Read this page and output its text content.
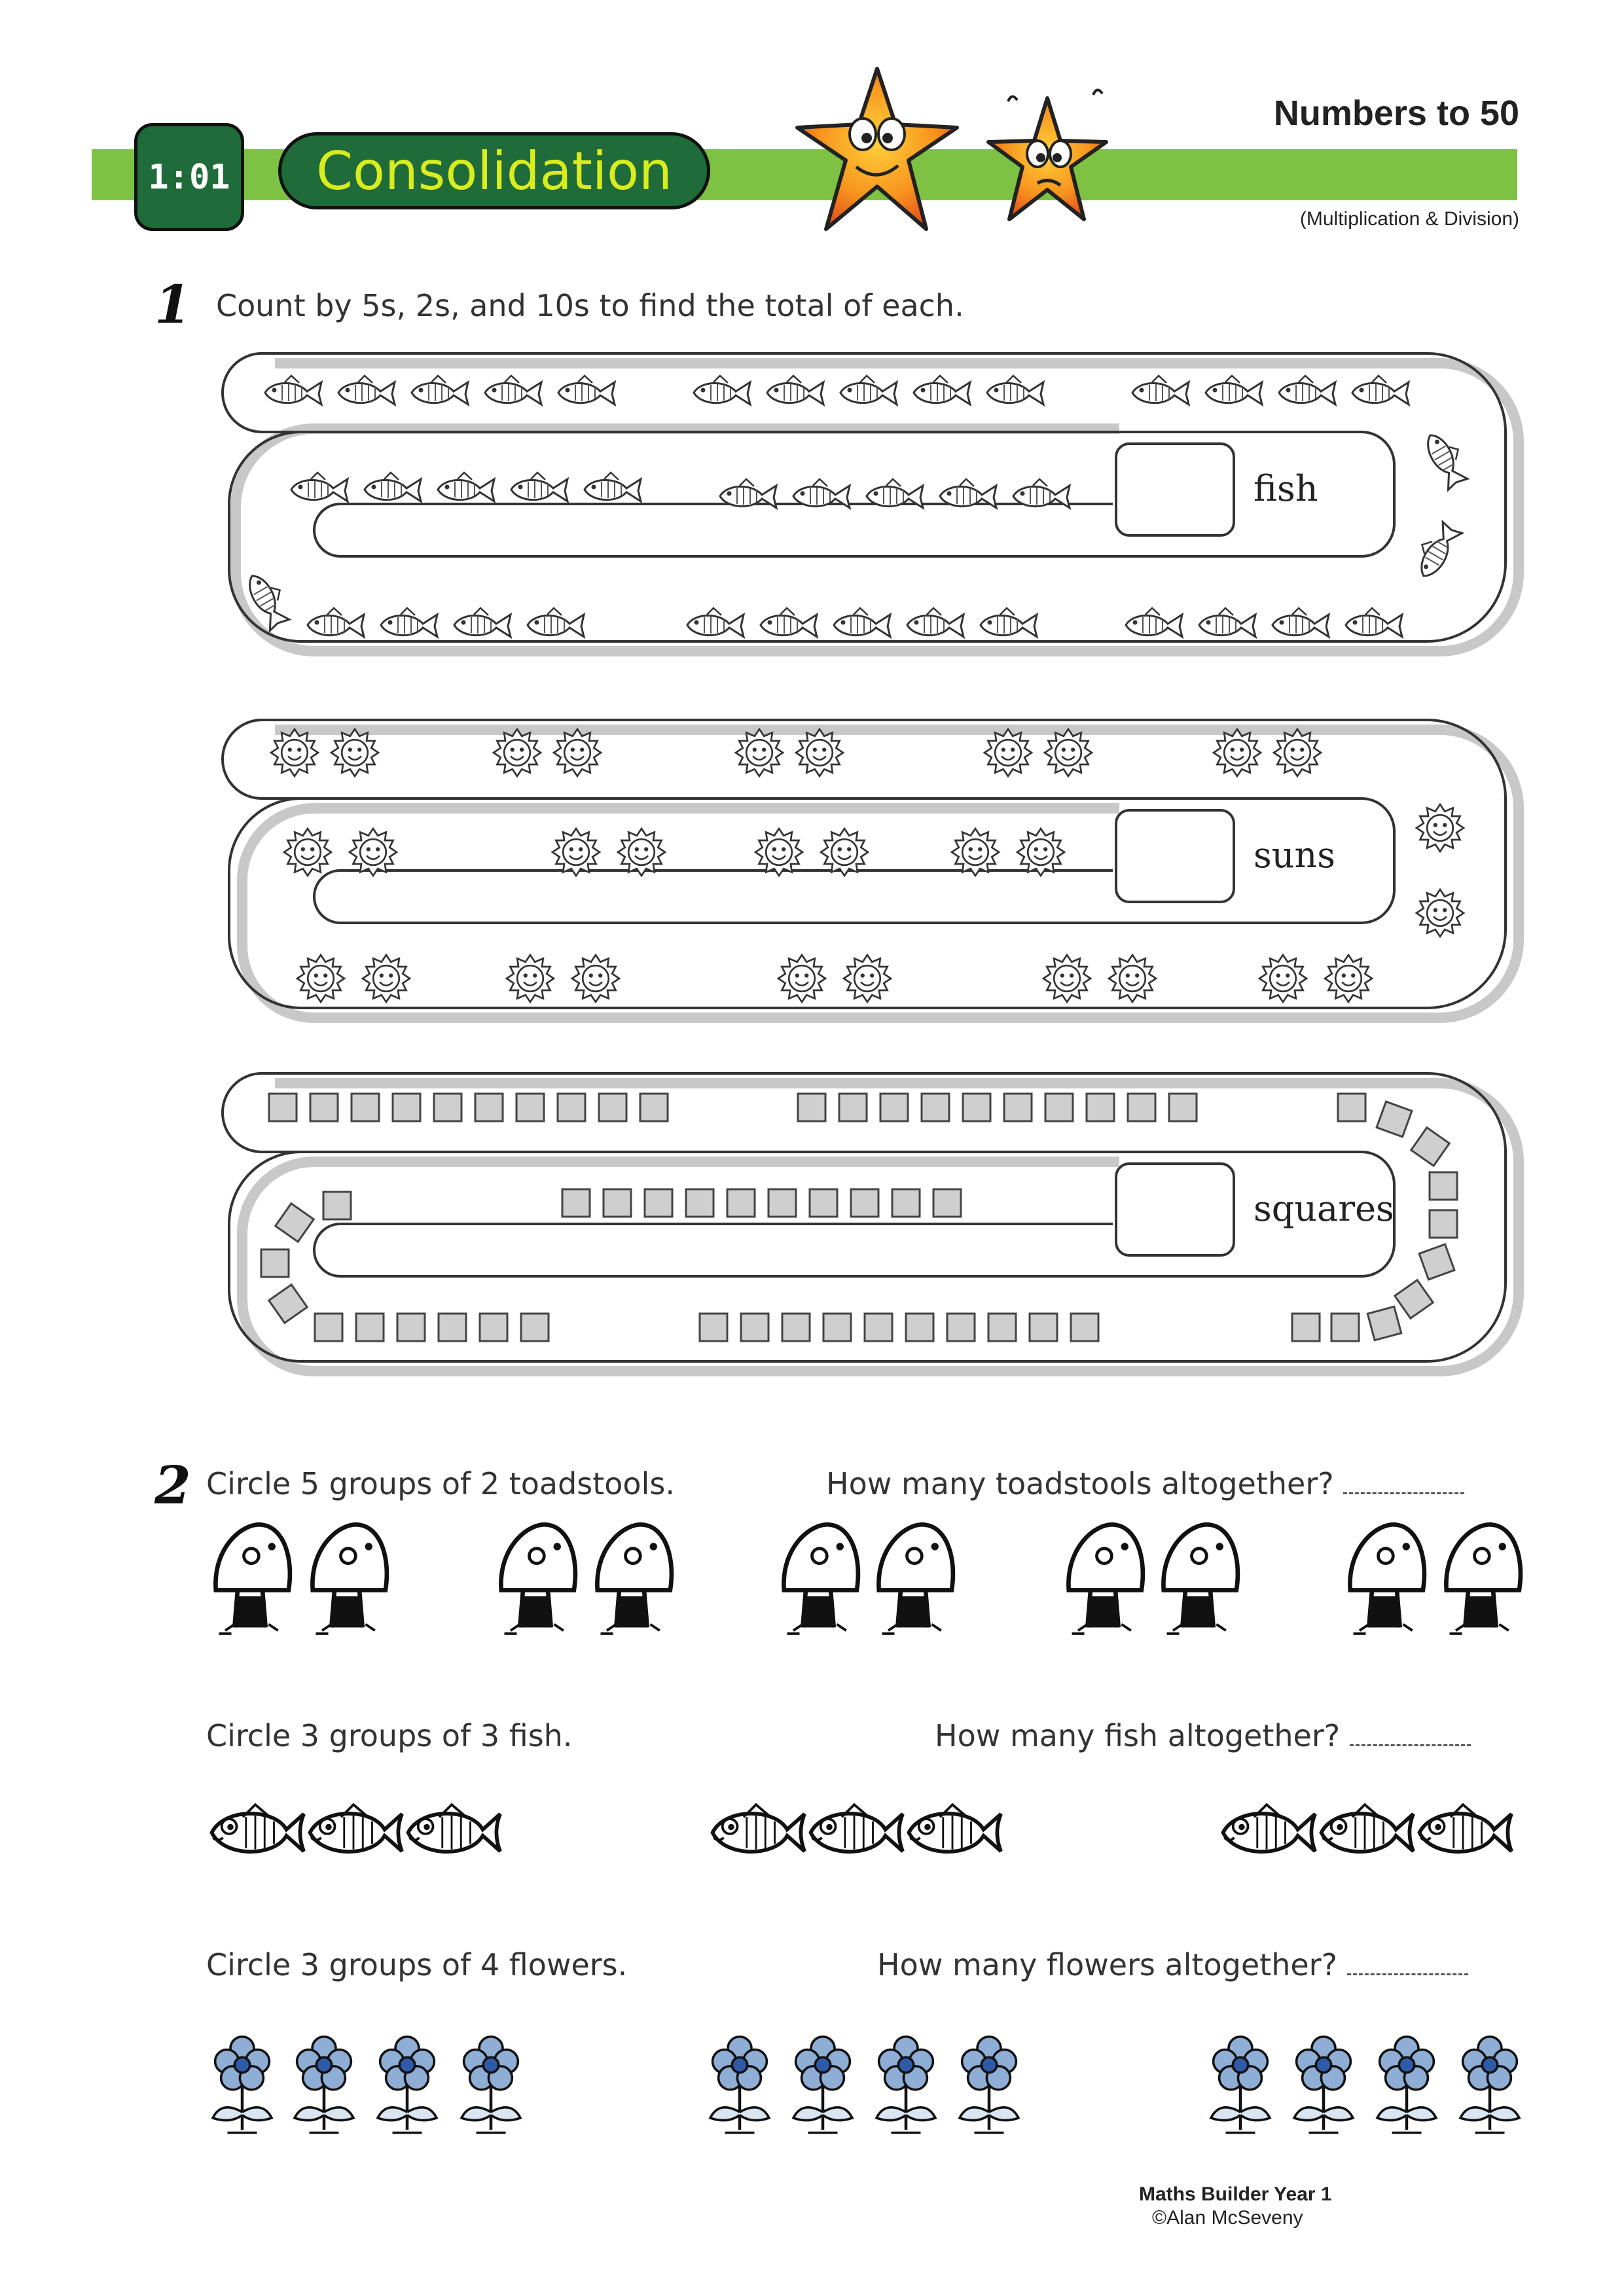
1:01	Consolidation
Numbers to 50
(Multiplication & Division)
1 Count by 5s, 2s, and 10s to find the total of each.
fish
suns
squares
2 Circle 5 groups of 2 toadstools.	How many toadstools altogether?
Circle 3 groups of 3 fish.	How many fish altogether?
Circle 3 groups of 4 flowers.	How many flowers altogether?
Maths Builder Year 1
©Alan McSeveny
